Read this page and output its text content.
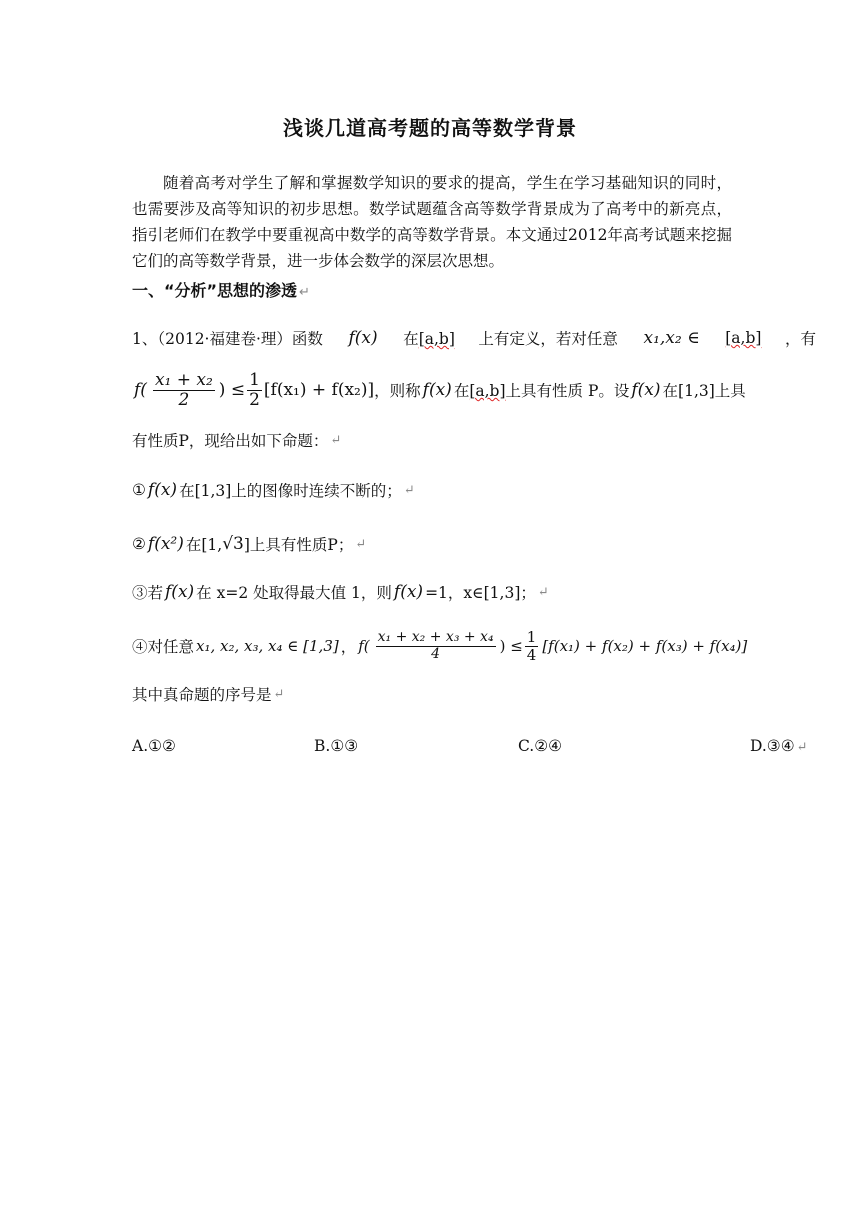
浅谈几道高考题的高等数学背景

随着高考对学生了解和掌握数学知识的要求的提高，学生在学习基础知识的同时，也需要涉及高等知识的初步思想。数学试题蕴含高等数学背景成为了高考中的新亮点，指引老师们在教学中要重视高中数学的高等数学背景。本文通过2012年高考试题来挖掘它们的高等数学背景，进一步体会数学的深层次思想。

一、“分析”思想的渗透 ↵
1、（2012·福建卷·理）函数 f(x) 在[a,b] 上有定义，若对任意 x₁,x₂ ∈ [a,b] ，有
$f( \frac{\text{x₁ + x₂}}{2}$ ) ≤ $\frac{1}{2} [f(x_1) + f(x_2)]$ ，则称 f(x) 在[a,b] 上具有性质 P。设 f(x) 在[1,3]上具
有性质P，现给出如下命题： ↵
① f(x) 在[1,3]上的图像时连续不断的； ↵
② f(x²) 在[1, √3 ]上具有性质P； ↵
③若 f(x) 在 x=2 处取得最大值 1，则 f(x) =1，x∈[1,3]； ↵
④对任意 x₁, x₂, x₃, x₄ ∈ [1,3] ， $f( \frac{\text{x₁ + x₂ + x₃ + x₄}}{4}$ ) ≤ $\frac{1}{4} [f(x_1) + f(x_2) + f(x_3) + f(x_4)]$
其中真命题的序号是 ↵
A.①②	B.①③	C.②④	D.③④ ↵
